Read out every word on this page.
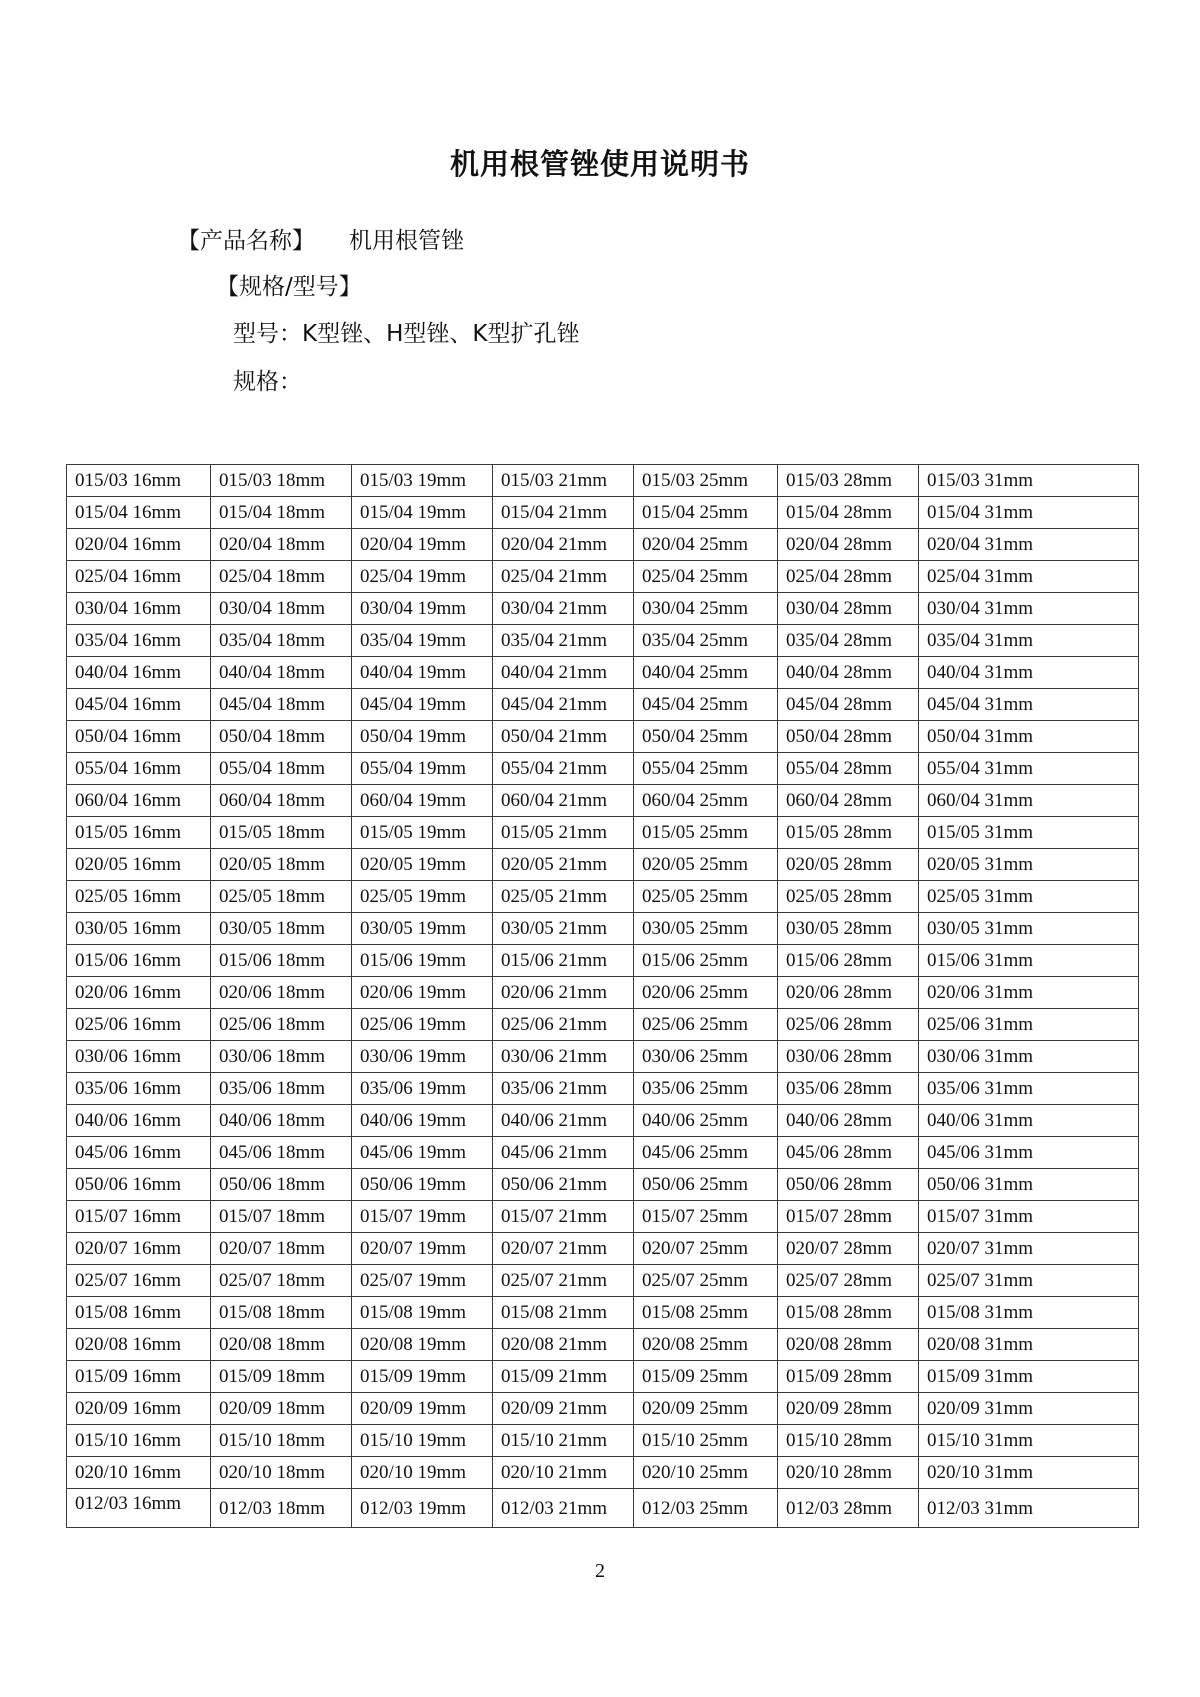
机用根管锉使用说明书

【产品名称】 机用根管锉

【规格/型号】

型号：K型锉、H型锉、K型扩孔锉

规格：

015/03 16mm	015/03 18mm	015/03 19mm	015/03 21mm	015/03 25mm	015/03 28mm	015/03 31mm
015/04 16mm	015/04 18mm	015/04 19mm	015/04 21mm	015/04 25mm	015/04 28mm	015/04 31mm
020/04 16mm	020/04 18mm	020/04 19mm	020/04 21mm	020/04 25mm	020/04 28mm	020/04 31mm
025/04 16mm	025/04 18mm	025/04 19mm	025/04 21mm	025/04 25mm	025/04 28mm	025/04 31mm
030/04 16mm	030/04 18mm	030/04 19mm	030/04 21mm	030/04 25mm	030/04 28mm	030/04 31mm
035/04 16mm	035/04 18mm	035/04 19mm	035/04 21mm	035/04 25mm	035/04 28mm	035/04 31mm
040/04 16mm	040/04 18mm	040/04 19mm	040/04 21mm	040/04 25mm	040/04 28mm	040/04 31mm
045/04 16mm	045/04 18mm	045/04 19mm	045/04 21mm	045/04 25mm	045/04 28mm	045/04 31mm
050/04 16mm	050/04 18mm	050/04 19mm	050/04 21mm	050/04 25mm	050/04 28mm	050/04 31mm
055/04 16mm	055/04 18mm	055/04 19mm	055/04 21mm	055/04 25mm	055/04 28mm	055/04 31mm
060/04 16mm	060/04 18mm	060/04 19mm	060/04 21mm	060/04 25mm	060/04 28mm	060/04 31mm
015/05 16mm	015/05 18mm	015/05 19mm	015/05 21mm	015/05 25mm	015/05 28mm	015/05 31mm
020/05 16mm	020/05 18mm	020/05 19mm	020/05 21mm	020/05 25mm	020/05 28mm	020/05 31mm
025/05 16mm	025/05 18mm	025/05 19mm	025/05 21mm	025/05 25mm	025/05 28mm	025/05 31mm
030/05 16mm	030/05 18mm	030/05 19mm	030/05 21mm	030/05 25mm	030/05 28mm	030/05 31mm
015/06 16mm	015/06 18mm	015/06 19mm	015/06 21mm	015/06 25mm	015/06 28mm	015/06 31mm
020/06 16mm	020/06 18mm	020/06 19mm	020/06 21mm	020/06 25mm	020/06 28mm	020/06 31mm
025/06 16mm	025/06 18mm	025/06 19mm	025/06 21mm	025/06 25mm	025/06 28mm	025/06 31mm
030/06 16mm	030/06 18mm	030/06 19mm	030/06 21mm	030/06 25mm	030/06 28mm	030/06 31mm
035/06 16mm	035/06 18mm	035/06 19mm	035/06 21mm	035/06 25mm	035/06 28mm	035/06 31mm
040/06 16mm	040/06 18mm	040/06 19mm	040/06 21mm	040/06 25mm	040/06 28mm	040/06 31mm
045/06 16mm	045/06 18mm	045/06 19mm	045/06 21mm	045/06 25mm	045/06 28mm	045/06 31mm
050/06 16mm	050/06 18mm	050/06 19mm	050/06 21mm	050/06 25mm	050/06 28mm	050/06 31mm
015/07 16mm	015/07 18mm	015/07 19mm	015/07 21mm	015/07 25mm	015/07 28mm	015/07 31mm
020/07 16mm	020/07 18mm	020/07 19mm	020/07 21mm	020/07 25mm	020/07 28mm	020/07 31mm
025/07 16mm	025/07 18mm	025/07 19mm	025/07 21mm	025/07 25mm	025/07 28mm	025/07 31mm
015/08 16mm	015/08 18mm	015/08 19mm	015/08 21mm	015/08 25mm	015/08 28mm	015/08 31mm
020/08 16mm	020/08 18mm	020/08 19mm	020/08 21mm	020/08 25mm	020/08 28mm	020/08 31mm
015/09 16mm	015/09 18mm	015/09 19mm	015/09 21mm	015/09 25mm	015/09 28mm	015/09 31mm
020/09 16mm	020/09 18mm	020/09 19mm	020/09 21mm	020/09 25mm	020/09 28mm	020/09 31mm
015/10 16mm	015/10 18mm	015/10 19mm	015/10 21mm	015/10 25mm	015/10 28mm	015/10 31mm
020/10 16mm	020/10 18mm	020/10 19mm	020/10 21mm	020/10 25mm	020/10 28mm	020/10 31mm
012/03 16mm	012/03 18mm	012/03 19mm	012/03 21mm	012/03 25mm	012/03 28mm	012/03 31mm

2
